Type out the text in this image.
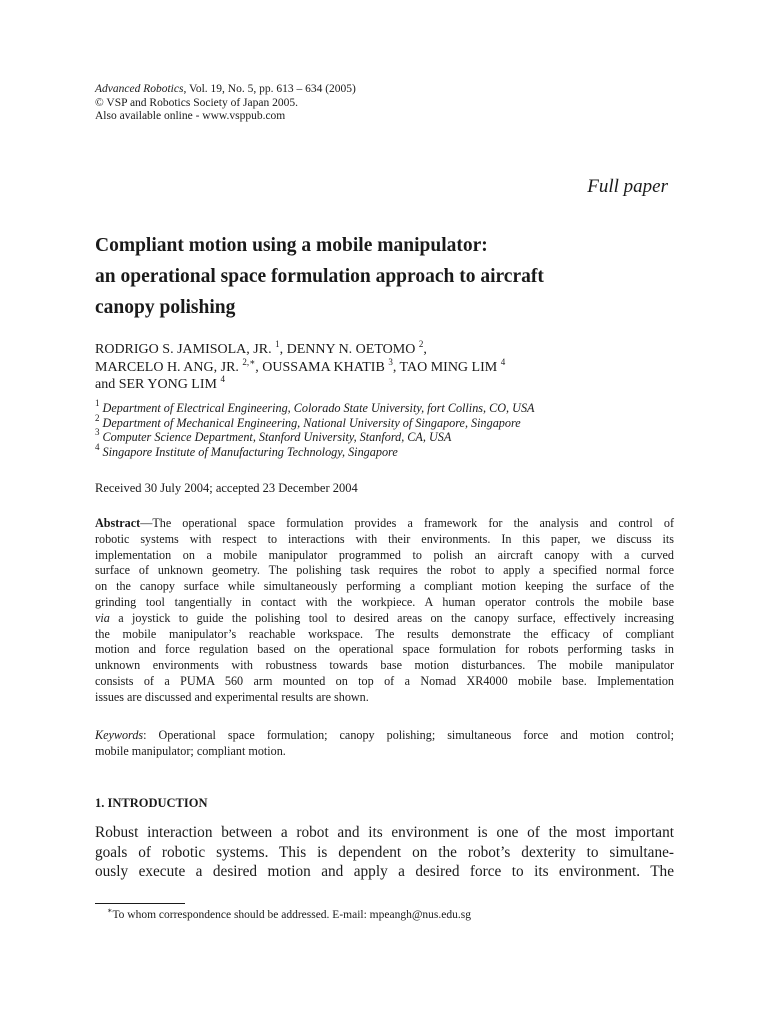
Advanced Robotics, Vol. 19, No. 5, pp. 613 – 634 (2005)
© VSP and Robotics Society of Japan 2005.
Also available online - www.vsppub.com
Full paper
Compliant motion using a mobile manipulator:
an operational space formulation approach to aircraft
canopy polishing
RODRIGO S. JAMISOLA, JR. $^1$, DENNY N. OETOMO $^2$,
MARCELO H. ANG, JR. $^{2,∗}$, OUSSAMA KHATIB $^3$, TAO MING LIM $^4$
and SER YONG LIM $^4$
$^1$ Department of Electrical Engineering, Colorado State University, fort Collins, CO, USA
$^2$ Department of Mechanical Engineering, National University of Singapore, Singapore
$^3$ Computer Science Department, Stanford University, Stanford, CA, USA
$^4$ Singapore Institute of Manufacturing Technology, Singapore
Received 30 July 2004; accepted 23 December 2004
Abstract—The operational space formulation provides a framework for the analysis and control of
robotic systems with respect to interactions with their environments. In this paper, we discuss its
implementation on a mobile manipulator programmed to polish an aircraft canopy with a curved
surface of unknown geometry. The polishing task requires the robot to apply a specified normal force
on the canopy surface while simultaneously performing a compliant motion keeping the surface of the
grinding tool tangentially in contact with the workpiece. A human operator controls the mobile base
via a joystick to guide the polishing tool to desired areas on the canopy surface, effectively increasing
the mobile manipulator’s reachable workspace. The results demonstrate the efficacy of compliant
motion and force regulation based on the operational space formulation for robots performing tasks in
unknown environments with robustness towards base motion disturbances. The mobile manipulator
consists of a PUMA 560 arm mounted on top of a Nomad XR4000 mobile base. Implementation
issues are discussed and experimental results are shown.
Keywords: Operational space formulation; canopy polishing; simultaneous force and motion control;
mobile manipulator; compliant motion.
1. INTRODUCTION
Robust interaction between a robot and its environment is one of the most important
goals of robotic systems. This is dependent on the robot’s dexterity to simultane-
ously execute a desired motion and apply a desired force to its environment. The
∗To whom correspondence should be addressed. E-mail: mpeangh@nus.edu.sg
